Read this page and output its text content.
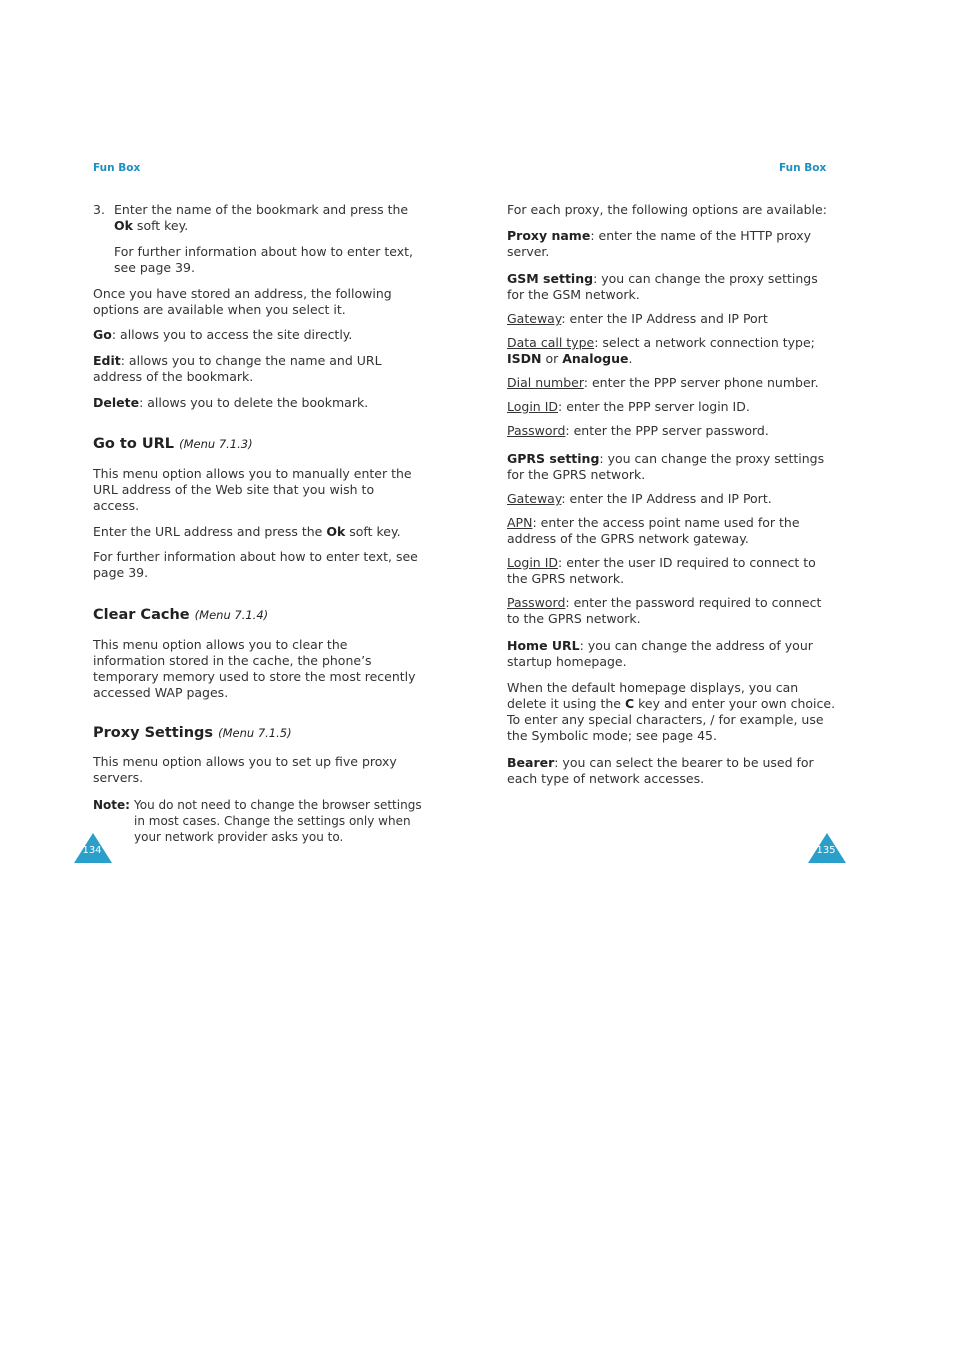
Fun Box	Fun Box

3. Enter the name of the bookmark and press the

Ok soft key.

For further information about how to enter text,

see page 39.

Once you have stored an address, the following

options are available when you select it.

Go: allows you to access the site directly.

Edit: allows you to change the name and URL

address of the bookmark.

Delete: allows you to delete the bookmark.

Go to URL (Menu 7.1.3)

This menu option allows you to manually enter the

URL address of the Web site that you wish to

access.

Enter the URL address and press the Ok soft key.

For further information about how to enter text, see

page 39.

Clear Cache (Menu 7.1.4)

This menu option allows you to clear the

information stored in the cache, the phone’s

temporary memory used to store the most recently

accessed WAP pages.

Proxy Settings (Menu 7.1.5)

This menu option allows you to set up five proxy

servers.

Note: You do not need to change the browser settings

in most cases. Change the settings only when

your network provider asks you to.

For each proxy, the following options are available:

Proxy name: enter the name of the HTTP proxy

server.

GSM setting: you can change the proxy settings

for the GSM network.

Gateway: enter the IP Address and IP Port

Data call type: select a network connection type;

ISDN or Analogue.

Dial number: enter the PPP server phone number.

Login ID: enter the PPP server login ID.

Password: enter the PPP server password.

GPRS setting: you can change the proxy settings

for the GPRS network.

Gateway: enter the IP Address and IP Port.

APN: enter the access point name used for the

address of the GPRS network gateway.

Login ID: enter the user ID required to connect to

the GPRS network.

Password: enter the password required to connect

to the GPRS network.

Home URL: you can change the address of your

startup homepage.

When the default homepage displays, you can

delete it using the C key and enter your own choice.

To enter any special characters, / for example, use

the Symbolic mode; see page 45.

Bearer: you can select the bearer to be used for

each type of network accesses.

134	135
